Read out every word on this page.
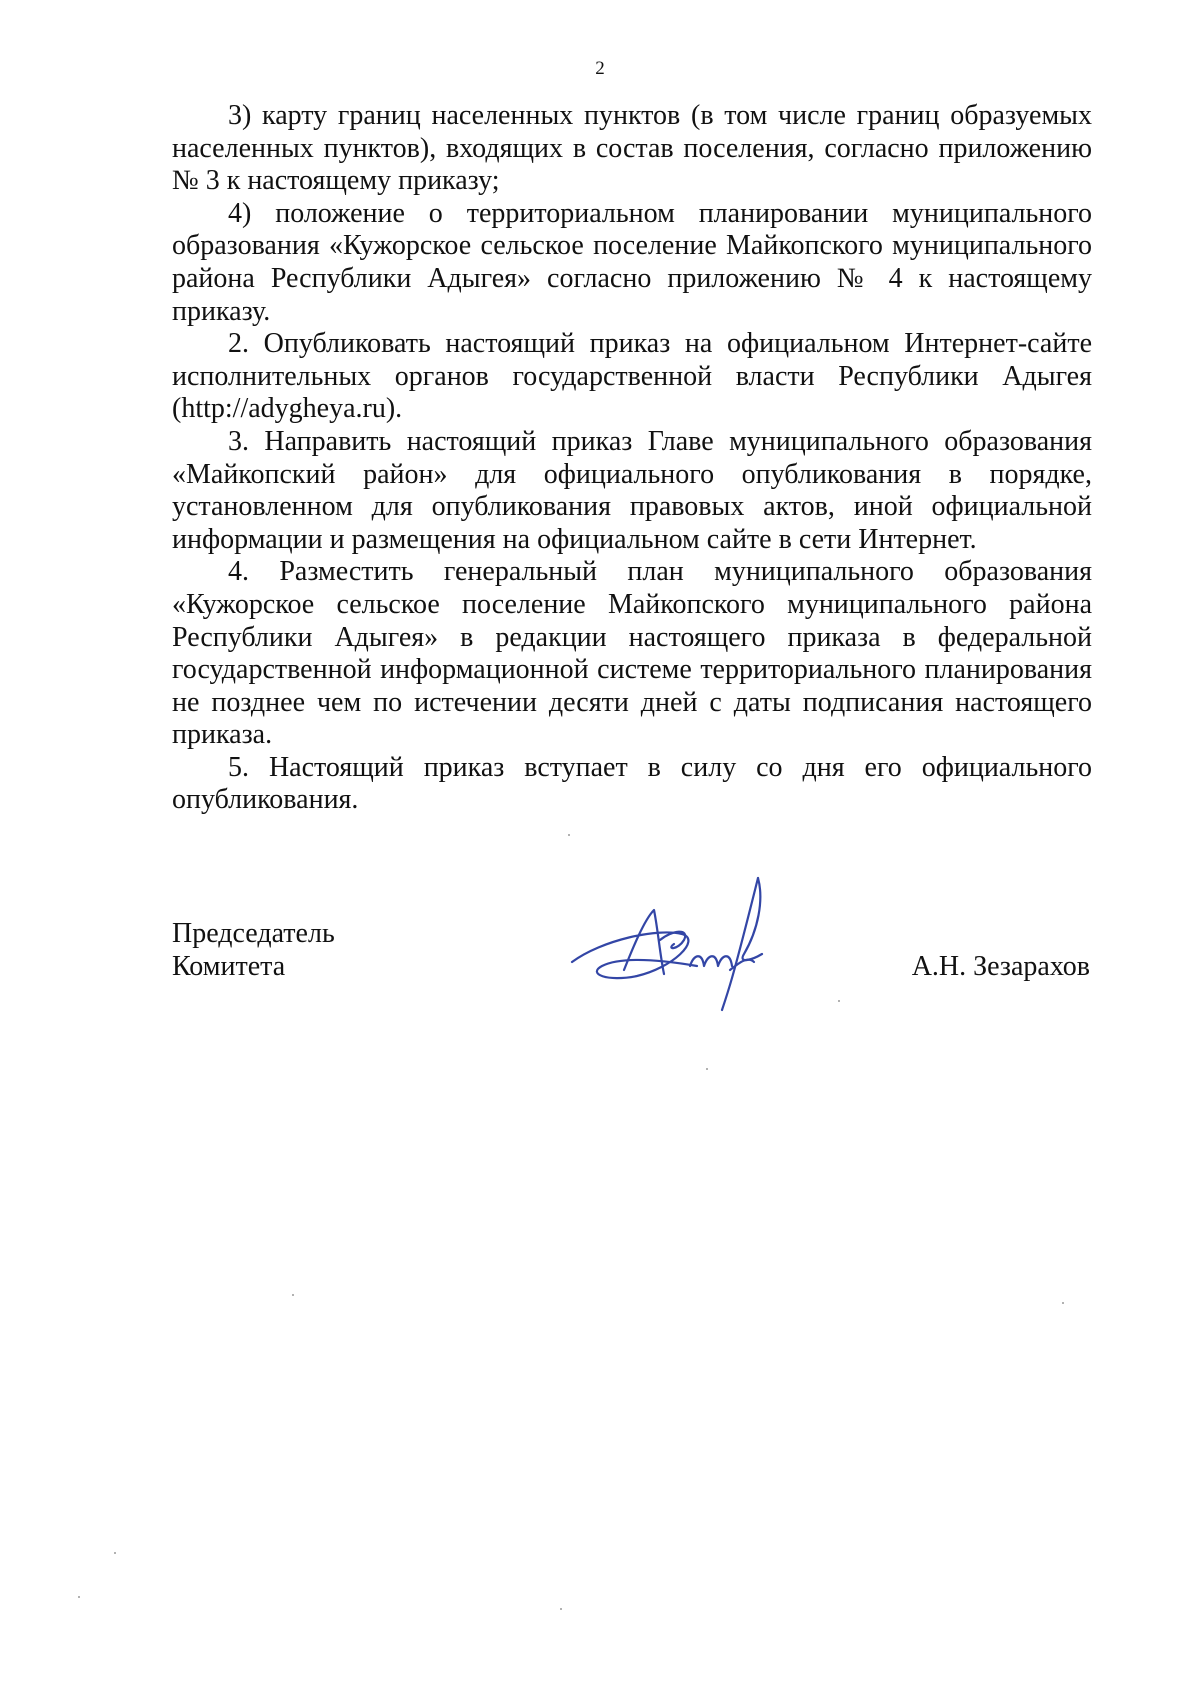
2

3) карту границ населенных пунктов (в том числе границ образуемых населенных пунктов), входящих в состав поселения, согласно приложению № 3 к настоящему приказу;

4) положение о территориальном планировании муниципального образования «Кужорское сельское поселение Майкопского муниципального района Республики Адыгея» согласно приложению № 4 к настоящему приказу.

2. Опубликовать настоящий приказ на официальном Интернет-сайте исполнительных органов государственной власти Республики Адыгея (http://adygheya.ru).

3. Направить настоящий приказ Главе муниципального образования «Майкопский район» для официального опубликования в порядке, установленном для опубликования правовых актов, иной официальной информации и размещения на официальном сайте в сети Интернет.

4. Разместить генеральный план муниципального образования «Кужорское сельское поселение Майкопского муниципального района Республики Адыгея» в редакции настоящего приказа в федеральной государственной информационной системе территориального планирования не позднее чем по истечении десяти дней с даты подписания настоящего приказа.

5. Настоящий приказ вступает в силу со дня его официального опубликования.

Председатель
Комитета	А.Н. Зезарахов
